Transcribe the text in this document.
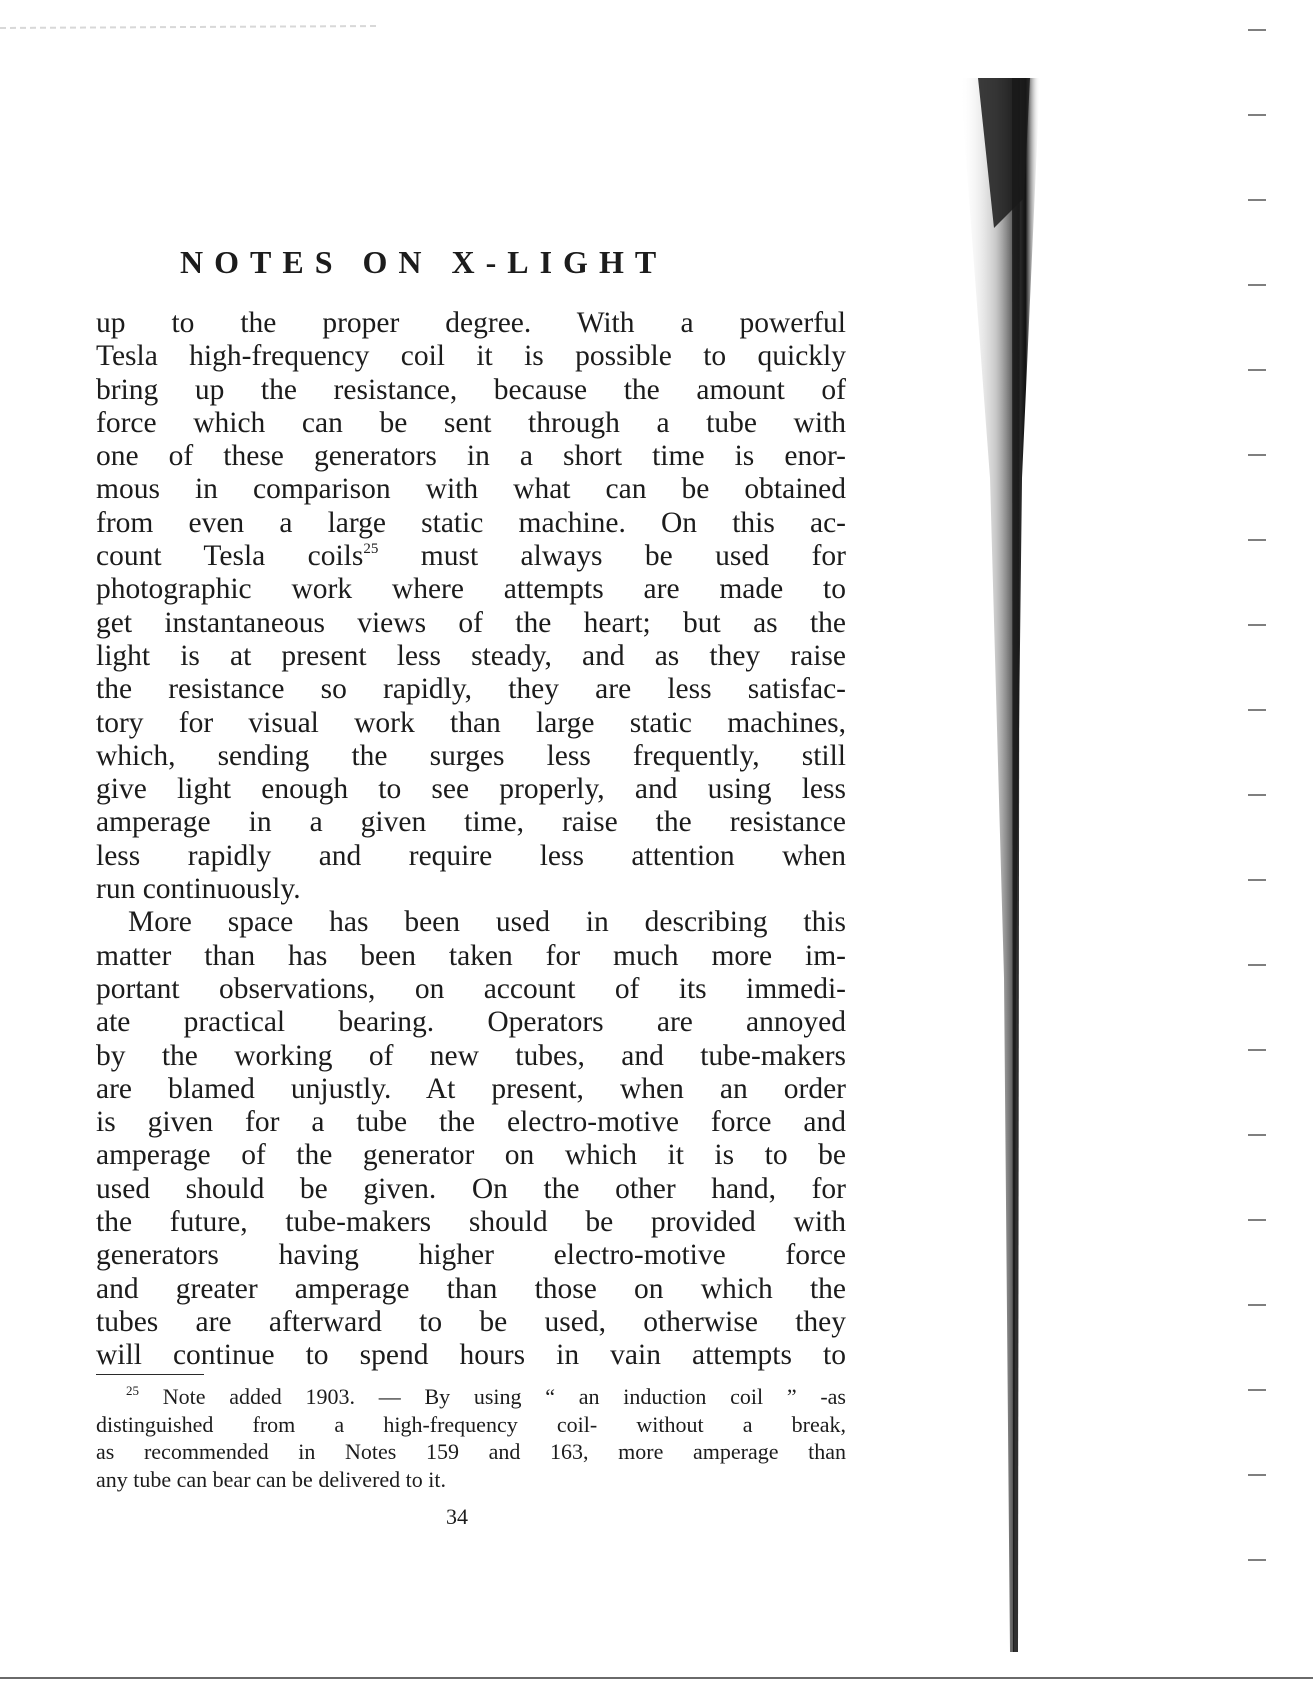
NOTES ON X-LIGHT
up to the proper degree. With a powerful
Tesla high-frequency coil it is possible to quickly
bring up the resistance, because the amount of
force which can be sent through a tube with
one of these generators in a short time is enor-
mous in comparison with what can be obtained
from even a large static machine. On this ac-
count Tesla coils$^{25}$ must always be used for
photographic work where attempts are made to
get instantaneous views of the heart; but as the
light is at present less steady, and as they raise
the resistance so rapidly, they are less satisfac-
tory for visual work than large static machines,
which, sending the surges less frequently, still
give light enough to see properly, and using less
amperage in a given time, raise the resistance
less rapidly and require less attention when
run continuously.
More space has been used in describing this
matter than has been taken for much more im-
portant observations, on account of its immedi-
ate practical bearing. Operators are annoyed
by the working of new tubes, and tube-makers
are blamed unjustly. At present, when an order
is given for a tube the electro-motive force and
amperage of the generator on which it is to be
used should be given. On the other hand, for
the future, tube-makers should be provided with
generators having higher electro-motive force
and greater amperage than those on which the
tubes are afterward to be used, otherwise they
will continue to spend hours in vain attempts to
$^{25}$ Note added 1903. — By using “ an induction coil ” -as
distinguished from a high-frequency coil- without a break,
as recommended in Notes 159 and 163, more amperage than
any tube can bear can be delivered to it.
34
